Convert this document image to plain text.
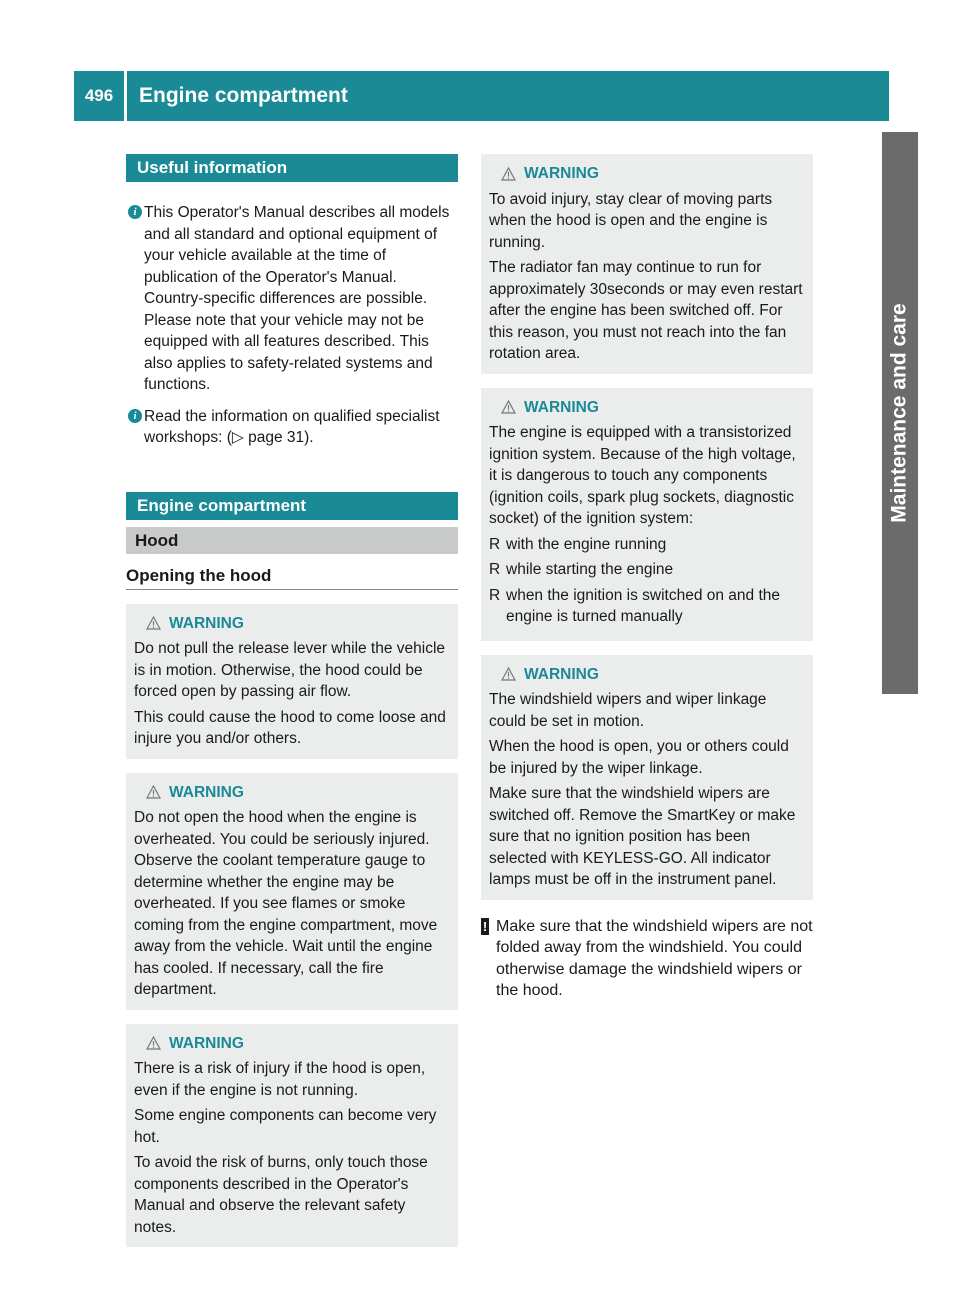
496	Engine compartment
Maintenance and care
Useful information
i This Operator's Manual describes all models and all standard and optional equipment of your vehicle available at the time of publication of the Operator's Manual. Country-specific differences are possible. Please note that your vehicle may not be equipped with all features described. This also applies to safety-related systems and functions.
i Read the information on qualified specialist workshops: (▷ page 31).
Engine compartment
Hood
Opening the hood
WARNING

Do not pull the release lever while the vehicle is in motion. Otherwise, the hood could be forced open by passing air flow.

This could cause the hood to come loose and injure you and/or others.

WARNING

Do not open the hood when the engine is overheated. You could be seriously injured. Observe the coolant temperature gauge to determine whether the engine may be overheated. If you see flames or smoke coming from the engine compartment, move away from the vehicle. Wait until the engine has cooled. If necessary, call the fire department.

WARNING

There is a risk of injury if the hood is open, even if the engine is not running.

Some engine components can become very hot.

To avoid the risk of burns, only touch those components described in the Operator's Manual and observe the relevant safety notes.

WARNING

To avoid injury, stay clear of moving parts when the hood is open and the engine is running.

The radiator fan may continue to run for approximately 30seconds or may even restart after the engine has been switched off. For this reason, you must not reach into the fan rotation area.

WARNING

The engine is equipped with a transistorized ignition system. Because of the high voltage, it is dangerous to touch any components (ignition coils, spark plug sockets, diagnostic socket) of the ignition system:

R with the engine running
R while starting the engine
R when the ignition is switched on and the engine is turned manually
WARNING

The windshield wipers and wiper linkage could be set in motion.

When the hood is open, you or others could be injured by the wiper linkage.

Make sure that the windshield wipers are switched off. Remove the SmartKey or make sure that no ignition position has been selected with KEYLESS-GO. All indicator lamps must be off in the instrument panel.

! Make sure that the windshield wipers are not folded away from the windshield. You could otherwise damage the windshield wipers or the hood.
